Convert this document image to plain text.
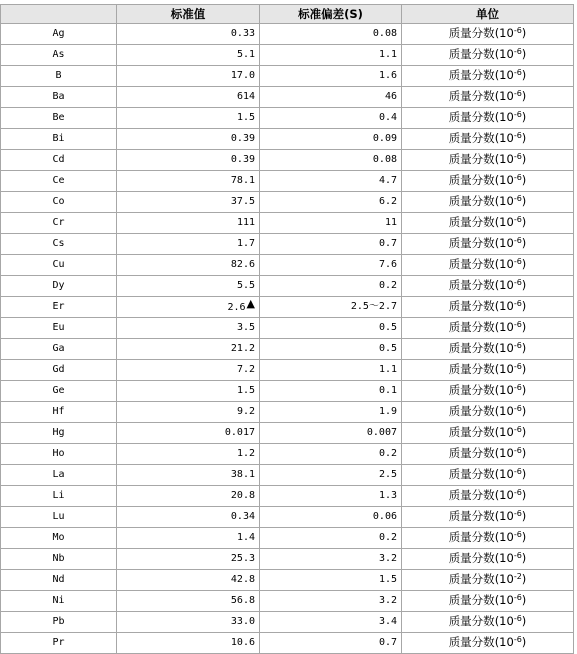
	标准值	标准偏差(S)	单位
Ag	0.33	0.08	质量分数$(10^{-6})$
As	5.1	1.1	质量分数$(10^{-6})$
B	17.0	1.6	质量分数$(10^{-6})$
Ba	614	46	质量分数$(10^{-6})$
Be	1.5	0.4	质量分数$(10^{-6})$
Bi	0.39	0.09	质量分数$(10^{-6})$
Cd	0.39	0.08	质量分数$(10^{-6})$
Ce	78.1	4.7	质量分数$(10^{-6})$
Co	37.5	6.2	质量分数$(10^{-6})$
Cr	111	11	质量分数$(10^{-6})$
Cs	1.7	0.7	质量分数$(10^{-6})$
Cu	82.6	7.6	质量分数$(10^{-6})$
Dy	5.5	0.2	质量分数$(10^{-6})$
Er	2.6▲	2.5～2.7	质量分数$(10^{-6})$
Eu	3.5	0.5	质量分数$(10^{-6})$
Ga	21.2	0.5	质量分数$(10^{-6})$
Gd	7.2	1.1	质量分数$(10^{-6})$
Ge	1.5	0.1	质量分数$(10^{-6})$
Hf	9.2	1.9	质量分数$(10^{-6})$
Hg	0.017	0.007	质量分数$(10^{-6})$
Ho	1.2	0.2	质量分数$(10^{-6})$
La	38.1	2.5	质量分数$(10^{-6})$
Li	20.8	1.3	质量分数$(10^{-6})$
Lu	0.34	0.06	质量分数$(10^{-6})$
Mo	1.4	0.2	质量分数$(10^{-6})$
Nb	25.3	3.2	质量分数$(10^{-6})$
Nd	42.8	1.5	质量分数$(10^{-2})$
Ni	56.8	3.2	质量分数$(10^{-6})$
Pb	33.0	3.4	质量分数$(10^{-6})$
Pr	10.6	0.7	质量分数$(10^{-6})$
